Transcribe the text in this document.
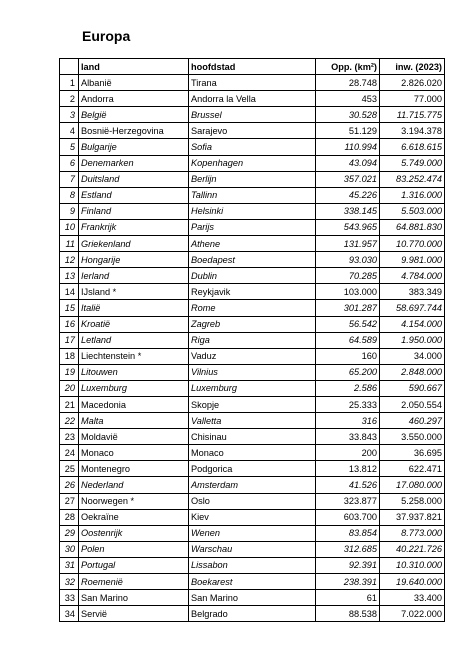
Europa
	land	hoofdstad	Opp. (km²)	inw. (2023)
1	Albanië	Tirana	28.748	2.826.020
2	Andorra	Andorra la Vella	453	77.000
3	België	Brussel	30.528	11.715.775
4	Bosnië-Herzegovina	Sarajevo	51.129	3.194.378
5	Bulgarije	Sofia	110.994	6.618.615
6	Denemarken	Kopenhagen	43.094	5.749.000
7	Duitsland	Berlijn	357.021	83.252.474
8	Estland	Tallinn	45.226	1.316.000
9	Finland	Helsinki	338.145	5.503.000
10	Frankrijk	Parijs	543.965	64.881.830
11	Griekenland	Athene	131.957	10.770.000
12	Hongarije	Boedapest	93.030	9.981.000
13	Ierland	Dublin	70.285	4.784.000
14	IJsland *	Reykjavik	103.000	383.349
15	Italië	Rome	301.287	58.697.744
16	Kroatië	Zagreb	56.542	4.154.000
17	Letland	Riga	64.589	1.950.000
18	Liechtenstein *	Vaduz	160	34.000
19	Litouwen	Vilnius	65.200	2.848.000
20	Luxemburg	Luxemburg	2.586	590.667
21	Macedonia	Skopje	25.333	2.050.554
22	Malta	Valletta	316	460.297
23	Moldavië	Chisinau	33.843	3.550.000
24	Monaco	Monaco	200	36.695
25	Montenegro	Podgorica	13.812	622.471
26	Nederland	Amsterdam	41.526	17.080.000
27	Noorwegen *	Oslo	323.877	5.258.000
28	Oekraïne	Kiev	603.700	37.937.821
29	Oostenrijk	Wenen	83.854	8.773.000
30	Polen	Warschau	312.685	40.221.726
31	Portugal	Lissabon	92.391	10.310.000
32	Roemenië	Boekarest	238.391	19.640.000
33	San Marino	San Marino	61	33.400
34	Servië	Belgrado	88.538	7.022.000
